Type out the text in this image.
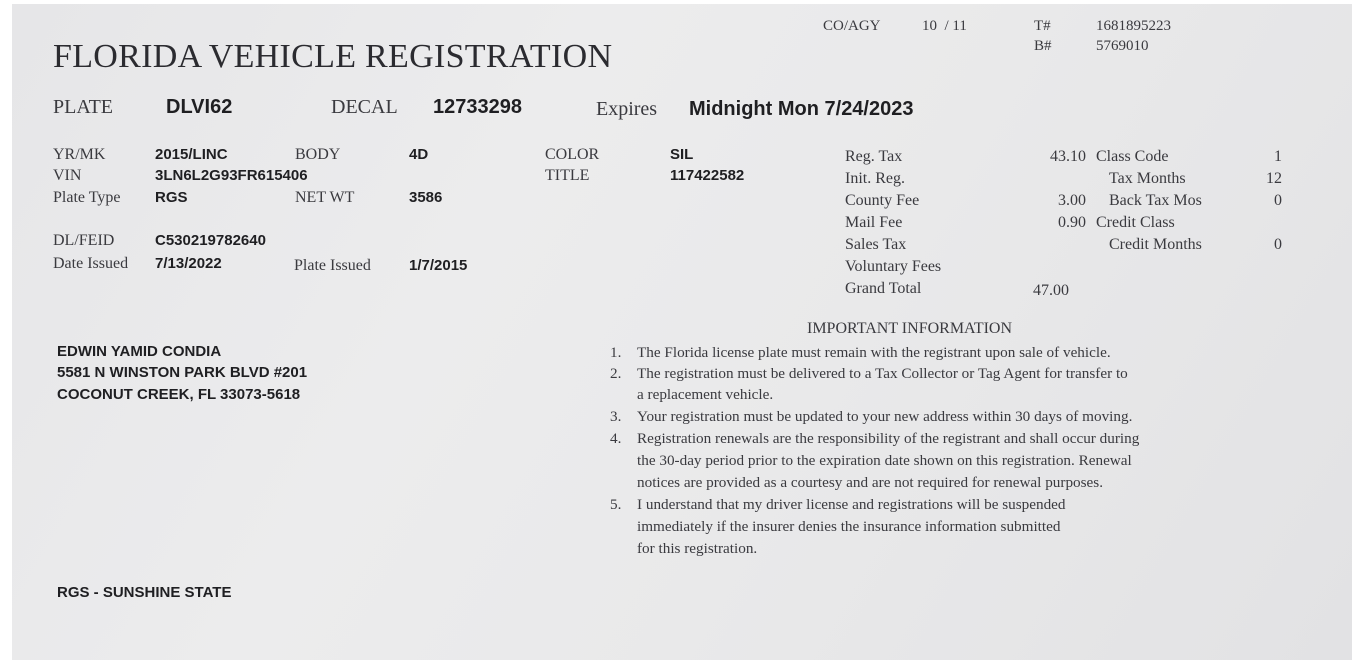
FLORIDA VEHICLE REGISTRATION
CO/AGY	10  / 11	T#	1681895223
B#	5769010
PLATE	DLVI62	DECAL 12733298	Expires Midnight Mon 7/24/2023
YR/MK	2015/LINC	BODY	4D
VIN	3LN6L2G93FR615406
Plate Type RGS	NET WT	3586
DL/FEID	C530219782640
Date Issued 7/13/2022	Plate Issued	1/7/2015
COLOR	SIL
TITLE	117422582
Reg. Tax	43.10
Init. Reg.
County Fee	3.00
Mail Fee	0.90
Sales Tax
Voluntary Fees
Grand Total	47.00
Class Code	1
Tax Months	12
Back Tax Mos	0
Credit Class
Credit Months	0
EDWIN YAMID CONDIA
5581 N WINSTON PARK BLVD #201
COCONUT CREEK, FL 33073-5618
RGS - SUNSHINE STATE
IMPORTANT INFORMATION
1. The Florida license plate must remain with the registrant upon sale of vehicle.
2. The registration must be delivered to a Tax Collector or Tag Agent for transfer to
a replacement vehicle.
3. Your registration must be updated to your new address within 30 days of moving.
4. Registration renewals are the responsibility of the registrant and shall occur during
the 30-day period prior to the expiration date shown on this registration. Renewal
notices are provided as a courtesy and are not required for renewal purposes.
5. I understand that my driver license and registrations will be suspended
immediately if the insurer denies the insurance information submitted
for this registration.
